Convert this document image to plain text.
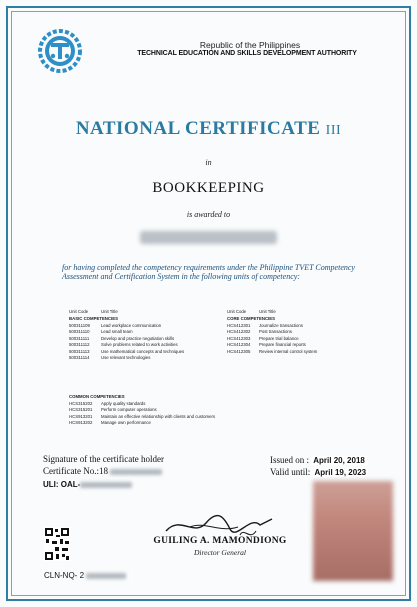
Republic of the Philippines
TECHNICAL EDUCATION AND SKILLS DEVELOPMENT AUTHORITY
NATIONAL CERTIFICATE III
in
BOOKKEEPING
is awarded to
for having completed the competency requirements under the Philippine TVET Competency Assessment and Certification System in the following units of competency:
Unit Code	Unit Title
BASIC COMPETENCIES
500311109	Lead workplace communication
500311110	Lead small team
500311111	Develop and practice negotiation skills
500311112	Solve problems related to work activities
500311113	Use mathematical concepts and techniques
500311114	Use relevant technologies
Unit Code	Unit Title
CORE COMPETENCIES
HCS412301	Journalize transactions
HCS412302	Post transactions
HCS412303	Prepare trial balance
HCS412304	Prepare financial reports
HCS412305	Review internal control system
COMMON COMPETENCIES
HCS315202	Apply quality standards
HCS315201	Perform computer operations
HCS913201	Maintain an effective relationship with clients and customers
HCS913202	Manage own performance
Signature of the certificate holder
Certificate No.:18
ULI: OAL-
Issued on : April 20, 2018
Valid until: April 19, 2023
GUILING A. MAMONDIONG
Director General
CLN-NQ- 2
